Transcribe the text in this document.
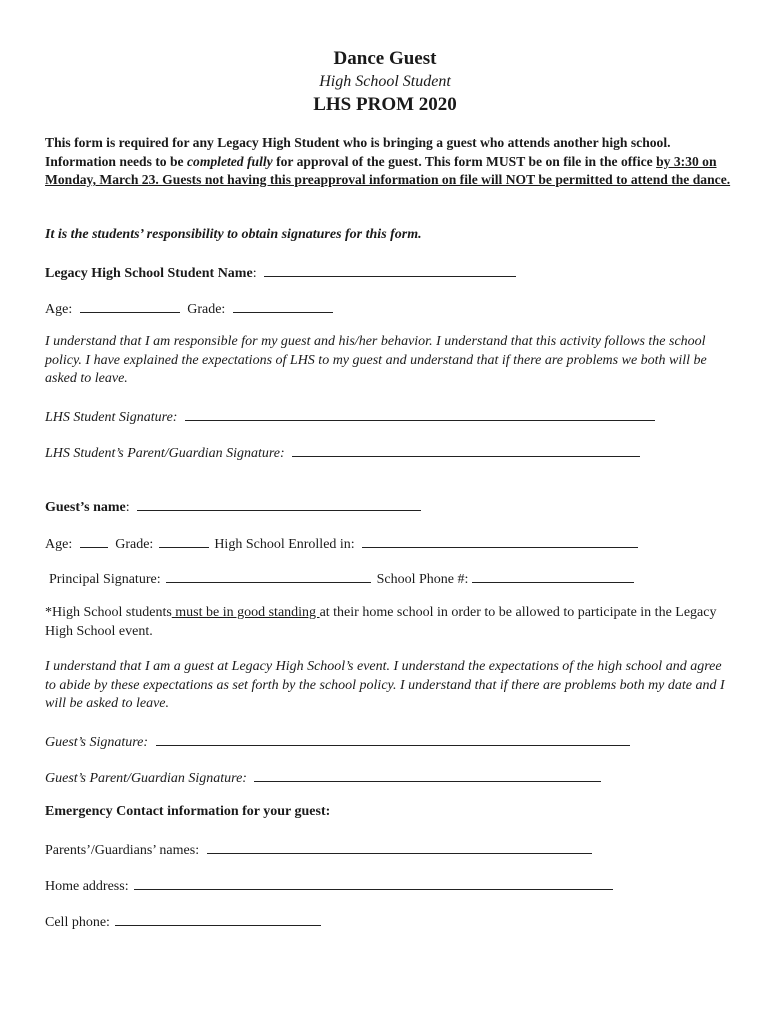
Dance Guest
High School Student
LHS PROM 2020
This form is required for any Legacy High Student who is bringing a guest who attends another high school. Information needs to be completed fully for approval of the guest. This form MUST be on file in the office by 3:30 on Monday, March 23. Guests not having this preapproval information on file will NOT be permitted to attend the dance.
It is the students’ responsibility to obtain signatures for this form.
Legacy High School Student Name:
Age:	Grade:
I understand that I am responsible for my guest and his/her behavior. I understand that this activity follows the school policy. I have explained the expectations of LHS to my guest and understand that if there are problems we both will be asked to leave.
LHS Student Signature:
LHS Student’s Parent/Guardian Signature:
Guest’s name:
Age:	Grade:	High School Enrolled in:
Principal Signature:	School Phone #:
*High School students must be in good standing at their home school in order to be allowed to participate in the Legacy High School event.
I understand that I am a guest at Legacy High School’s event. I understand the expectations of the high school and agree to abide by these expectations as set forth by the school policy. I understand that if there are problems both my date and I will be asked to leave.
Guest’s Signature:
Guest’s Parent/Guardian Signature:
Emergency Contact information for your guest:
Parents’/Guardians’ names:
Home address:
Cell phone:
